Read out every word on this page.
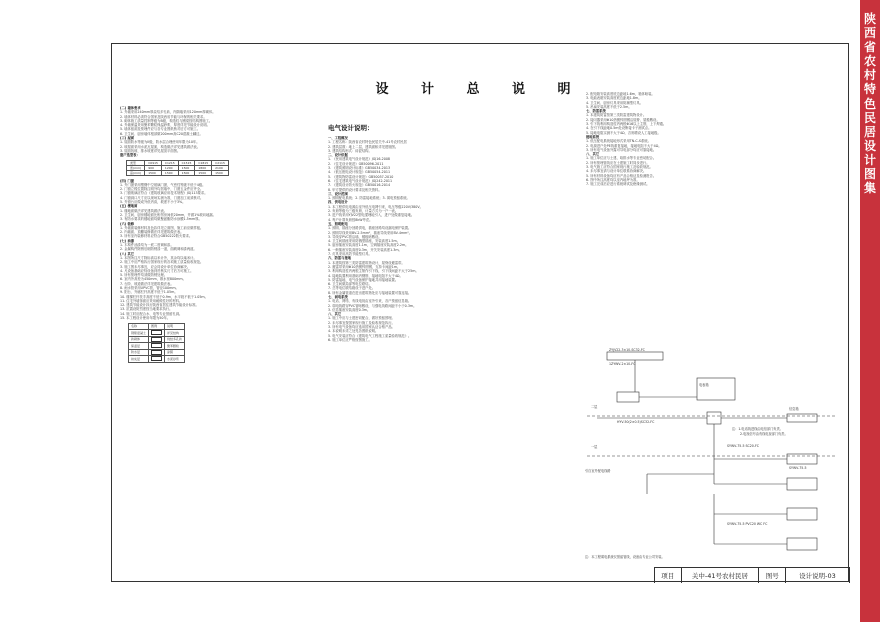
设 计 总 说 明
(二) 墙体要求
1. 外墙采用240mm厚烧结多孔砖，内隔墙采用120mm厚砌体。
2. 墙体材料必须符合国家及陕西省节能与环保的相关要求。
3. 砌体施工质量控制等级为B级，构造柱与圈梁按结构图施工。
4. 外墙保温采用聚苯颗粒保温砂浆，厚度详见节能设计说明。
5. 墙体留洞及预埋件应与各专业图纸核对后方可施工。
6. 卫生间、厨房墙体根部做200mm高C20混凝土翻边。
(三) 屋面
1. 屋面防水等级为II级，防水层合理使用年限为10年。
2. 坡屋面采用水泥瓦屋面，构造做法详见建筑做法表。
3. 屋面找坡、排水坡度详见屋顶平面图。
窗户选型表：
类型	C0915	C1215	C1515	C1815	C2115
宽(mm)	900	1200	1500	1800	2100
高(mm)	1500	1500	1500	1500	1500
(四) 门窗
1. 外门窗采用塑钢中空玻璃门窗，气密性等级不低于4级。
2. 门窗立樘位置除注明外均居墙中，门窗五金件应齐全。
3. 门窗玻璃应符合《建筑玻璃应用技术规程》JGJ113要求。
4. 门窗洞口尺寸应以现场实测为准，门窗加工前须核对。
5. 外窗台应做成外低内高，坡度不小于3%。
(五) 楼地面
1. 楼地面做法详见建筑做法表。
2. 卫生间、厨房楼地面比相邻房间低20mm，并做1%坡向地漏。
3. 有防水要求的楼地面均做聚氨酯防水涂膜1.5mm厚。
(六) 装修
1. 外墙面装修材料及色彩详见立面图，施工前应做样板。
2. 内墙面、顶棚装修做法详见建筑做法表。
3. 所有室内装修材料应符合GB50222防火要求。
(七) 油漆
1. 木构件油漆均为一底二度调和漆。
2. 金属构件除锈后刷防锈漆一道，面刷调和漆两道。
(八) 其它
1. 本图所注尺寸除标高以米计外，其余均以毫米计。
2. 施工中应严格执行国家现行的各项施工质量验收规范。
3. 施工图未尽事宜，应会同设计单位协商解决。
4. 凡设备基础应待设备到货核实尺寸后方可施工。
5. 所有预埋件均须做防锈处理。
6. 室内外高差为450mm，散水宽800mm。
7. 台阶、坡道做法详见建筑做法表。
8. 雨水管采用UPVC管，管径100mm。
9. 阳台、外廊栏杆高度不低于1.05m。
10. 楼梯栏杆扶手高度不低于0.9m，水平段不低于1.05m。
11. 住宅外墙饰面应采用耐候性好的材料。
12. 建筑节能设计执行陕西省居住建筑节能设计标准。
13. 抗震设防烈度按当地要求执行。
14. 施工时应配合水、电等专业预留孔洞。
15. 本工程设计使用年限为50年。
名称	图例	说明
钢筋混凝土		详见结构
砖砌体		烧结多孔砖
保温层		聚苯颗粒
防水层		涂膜
抹灰层		水泥砂浆
电气设计说明：
一、工程概况
1. 工程名称：陕西省农村特色民居关中-41号农村民居
2. 建筑层数：地上二层，建筑面积详见建施图。
3. 建筑结构形式：砖混结构。
二、设计依据
1. 《民用建筑电气设计规范》JGJ16-2008
2. 《住宅设计规范》GB50096-2011
3. 《建筑照明设计标准》GB50034-2013
4. 《低压配电设计规范》GB50054-2011
5. 《建筑物防雷设计规范》GB50057-2010
6. 《住宅建筑电气设计规范》JGJ242-2011
7. 《建筑设计防火规范》GB50016-2014
8. 甲方提供的设计要求及相关资料。
三、设计范围
1. 照明配电系统；2. 防雷接地系统；3. 弱电预留系统。
四、供电设计
1. 本工程供电电源由室外低压电网引来，电压等级220V/380V。
2. 负荷等级为三级负荷，计量方式为一户一表。
3. 进户线采用YJV22型电缆埋地引入，进户处做重复接地。
4. 每户计算负荷按8kW考虑。
五、照明配电
1. 照明、插座分回路供电，插座回路均设漏电保护装置。
2. 照明导线采用BV-2.5mm²，插座导线采用BV-4mm²。
3. 导线穿PVC管沿墙、楼板暗敷设。
4. 卫生间插座采用防溅型插座，安装高度1.5m。
5. 厨房插座安装高度1.1m，空调插座安装高度2.2m。
6. 一般插座安装高度0.3m，开关安装高度1.3m。
7. 灯具采用高效节能型灯具。
六、防雷与接地
1. 本建筑按第三类防雷建筑物设计，屋脊设避雷带。
2. 避雷带采用Φ10热镀锌圆钢，支持卡间距1m。
3. 利用构造柱内两根主筋作引下线，引下线间距不大于25m。
4. 接地装置利用基础内钢筋，接地电阻不大于4Ω。
5. 防雷接地、电气设备保护接地共用接地装置。
6. 卫生间做局部等电位联结。
7. 总等电位联结箱设于进户处。
8. 所有金属管道在进出建筑物处应与接地装置可靠连接。
七、弱电系统
1. 电话、网络、有线电视由室外引来，各户预留信息箱。
2. 弱电线路穿PVC管暗敷设，与强电线路间距不小于0.3m。
3. 信息插座安装高度0.3m。
八、其它
1. 施工中应与土建密切配合，做好预留预埋。
2. 未尽事宜按国家现行施工及验收规范执行。
3. 所有电气设备均应选用国家认证合格产品。
4. 本说明未详之处见各图纸说明。
5. 电气安装应符合《建筑电气工程施工质量验收规范》。
6. 施工单位应严格按图施工。
2. 配电箱安装高度底边距地1.6m，箱体暗装。
3. 电能表箱安装高度底边距地1.8m。
4. 卫生间、厨房灯具采用防潮型灯具。
5. 吊扇安装高度不低于2.5m。
七、防雷系统
1. 本建筑防雷按第三类防雷建筑物设计。
2. 接闪器采用Φ10热镀锌圆钢沿屋脊、屋檐敷设。
3. 引下线利用构造柱内两根Φ16以上主筋，上下焊通。
4. 在引下线距地0.5m处设断接卡子测试点。
5. 接地电阻实测不大于4Ω，否则增设人工接地极。
接地系统
1. 低压配电系统接地形式采用TN-C-S系统。
2. 电源进户处PE线重复接地，接地电阻不大于4Ω。
3. 所有电气设备外露可导电部分均应可靠接地。
八、其它
1. 施工单位应与土建、给排水等专业密切配合。
2. 所有预埋管线应在土建施工时同步进行。
3. 电气施工应符合国家现行施工及验收规范。
4. 未尽事宜请与设计单位联系协商解决。
5. 所有材料设备均应有产品合格证及检测报告。
6. 图中所注高度均以室内地坪为准。
7. 施工完成后应进行系统调试及绝缘测试。
ZYJV22-3×10-SC32-FC
1ZYWV-2×10-FC
二层
一层
HYV-50(2×0.5)SC32-FC
SYWV-75-5 SC20-FC
SYWV-75-5
SYWV-75-5 PVC20 WC FC
引自室外配电线路
电表箱
信息箱
注：1.电话线进线由电信部门负责。
2.电视信号由有线电视部门负责。
注：本工程弱电系统仅预留管线，设备由专业公司安装。
项目	关中-41号农村民居	图号	设计说明-03
陕
西
省
农
村
特
色
民
居
设
计
图
集
